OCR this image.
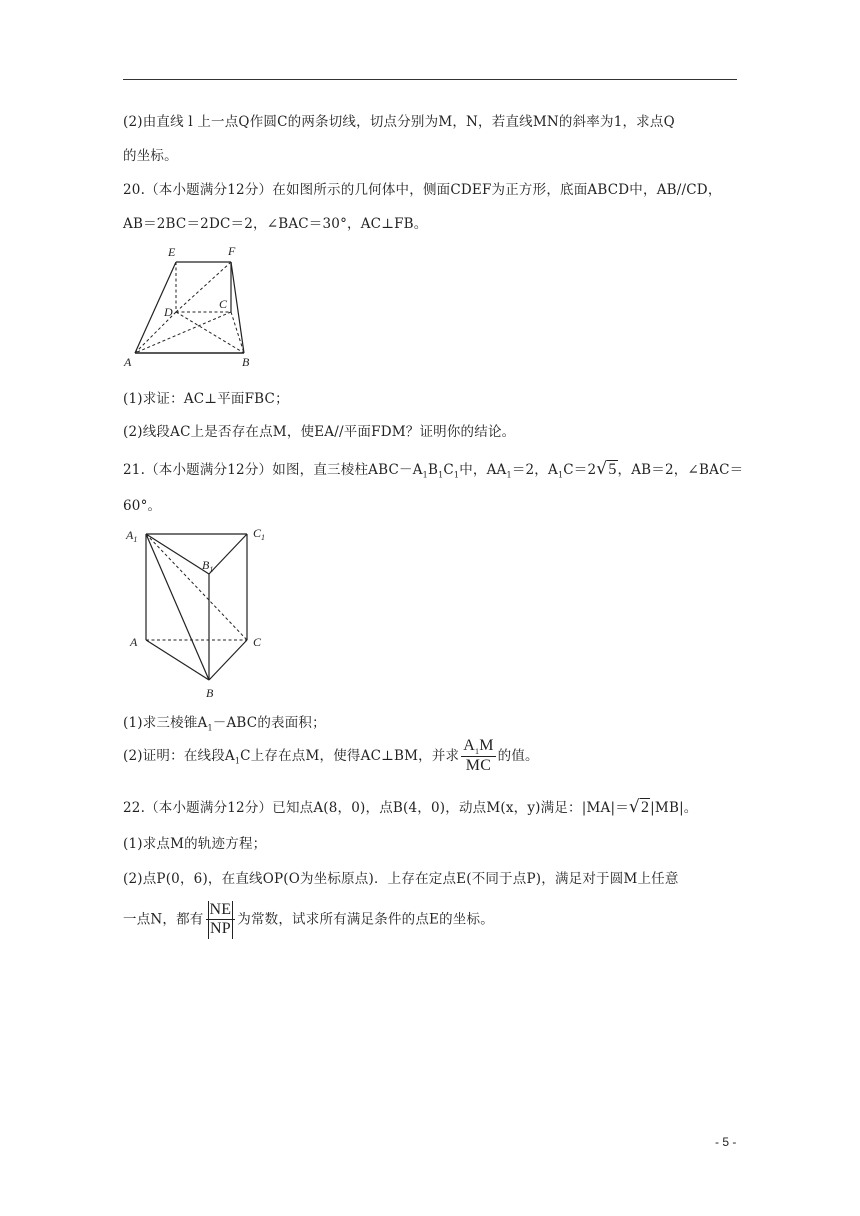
(2)由直线 l 上一点Q作圆C的两条切线，切点分别为M，N，若直线MN的斜率为1，求点Q
的坐标。
20.（本小题满分12分）在如图所示的几何体中，侧面CDEF为正方形，底面ABCD中，AB//CD，
AB＝2BC＝2DC＝2，∠BAC＝30°，AC⊥FB。
E	F
D
C
A	B
(1)求证：AC⊥平面FBC；
(2)线段AC上是否存在点M，使EA//平面FDM？证明你的结论。
21.（本小题满分12分）如图，直三棱柱$ABC-A_1B_1C_1$中，$AA_1=2$，$A_1C=2√5$，AB＝2，∠BAC＝
60°。
$A_1$	$C_1$
$B_1$
A	C
B
(1)求三棱锥$A_1-ABC$的表面积；
(2)证明：在线段$A_1C$上存在点M，使得AC⊥BM，并求 $\frac{A_1M}{MC}$ 的值。
22.（本小题满分12分）已知点A(8，0)，点B(4，0)，动点M(x，y)满足：|MA|＝√2|MB|。
(1)求点M的轨迹方程；
(2)点P(0，6)，在直线OP(O为坐标原点)．上存在定点E(不同于点P)，满足对于圆M上任意
一点N，都有 $\frac{NE}{NP}$ 为常数，试求所有满足条件的点E的坐标。
- 5 -
